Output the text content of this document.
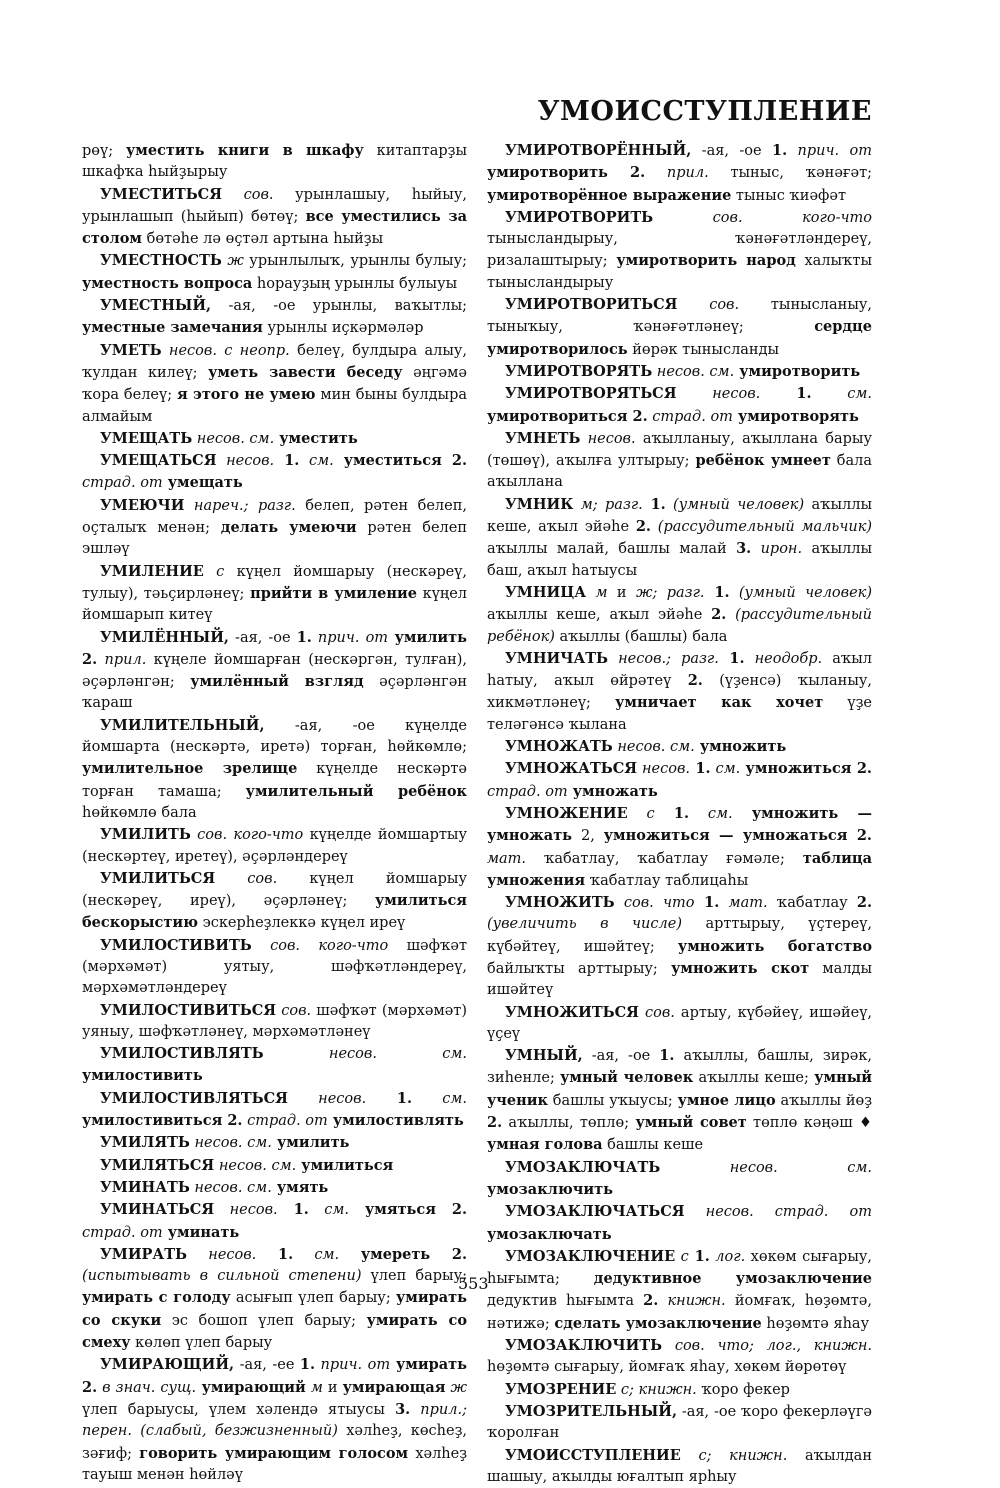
УМОИССТУПЛЕНИЕ

рөү; уместить книги в шкафу китаптарҙы шкафҡа һыйҙырыу

УМЕСТИТЬСЯ сов. урынлашыу, һыйыу, урынлашып (һыйып) бөтөү; все уместились за столом бөтәһе лә өҫтәл артына һыйҙы

УМЕСТНОСТЬ ж урынлылыҡ, урынлы булыу; уместность вопроса һорауҙың урынлы булыуы

УМЕСТНЫЙ, -ая, -ое урынлы, ваҡытлы; уместные замечания урынлы иҫкәрмәләр

УМЕТЬ несов. с неопр. белеү, булдыра алыу, ҡулдан килеү; уметь завести беседу әңгәмә ҡора белеү; я этого не умею мин быны булдыра алмайым

УМЕЩАТЬ несов. см. уместить

УМЕЩАТЬСЯ несов. 1. см. уместиться 2. страд. от умещать

УМЕЮЧИ нареч.; разг. белеп, рәтен белеп, оҫталыҡ менән; делать умеючи рәтен белеп эшләү

УМИЛЕНИЕ с күңел йомшарыу (нескәреү, тулыу), тәьҫирләнеү; прийти в умиление күңел йомшарып китеү

УМИЛЁННЫЙ, -ая, -ое 1. прич. от умилить 2. прил. күңеле йомшарған (нескәргән, тулған), әҫәрләнгән; умилённый взгляд әҫәрләнгән ҡараш

УМИЛИТЕЛЬНЫЙ, -ая, -ое күңелде йомшарта (нескәртә, иретә) торған, һөйкөмлө; умилительное зрелище күңелде нескәртә торған тамаша; умилительный ребёнок һөйкөмлө бала

УМИЛИТЬ сов. кого-что күңелде йомшартыу (нескәртеү, иретеү), әҫәрләндереү

УМИЛИТЬСЯ сов. күңел йомшарыу (нескәреү, иреү), әҫәрләнеү; умилиться бескорыстию эскерһеҙлеккә күңел иреү

УМИЛОСТИВИТЬ сов. кого-что шәфҡәт (мәрхәмәт) уятыу, шәфҡәтләндереү, мәрхәмәтләндереү

УМИЛОСТИВИТЬСЯ сов. шәфҡәт (мәрхәмәт) уяныу, шәфҡәтләнеү, мәрхәмәтләнеү

УМИЛОСТИВЛЯТЬ несов. см. умилостивить

УМИЛОСТИВЛЯТЬСЯ несов. 1. см. умилостивиться 2. страд. от умилостивлять

УМИЛЯТЬ несов. см. умилить

УМИЛЯТЬСЯ несов. см. умилиться

УМИНАТЬ несов. см. умять

УМИНАТЬСЯ несов. 1. см. умяться 2. страд. от уминать

УМИРАТЬ несов. 1. см. умереть 2. (испытывать в сильной степени) үлеп барыу; умирать с голоду асығып үлеп барыу; умирать со скуки эс бошоп үлеп барыу; умирать со смеху көлөп үлеп барыу

УМИРАЮЩИЙ, -ая, -ее 1. прич. от умирать 2. в знач. сущ. умирающий м и умирающая ж үлеп барыусы, үлем хәлендә ятыусы 3. прил.; перен. (слабый, безжизненный) хәлһеҙ, көсһеҙ, зәғиф; говорить умирающим голосом хәлһеҙ тауыш менән һөйләү

УМИРОТВОРЁННЫЙ, -ая, -ое 1. прич. от умиротворить 2. прил. тыныс, ҡәнәғәт; умиротворённое выражение тыныс ҡиәфәт

УМИРОТВОРИТЬ сов. кого-что тынысландырыу, ҡәнәғәтләндереү, ризалаштырыу; умиротворить народ халыҡты тынысландырыу

УМИРОТВОРИТЬСЯ сов. тынысланыу, тыныҡыу, ҡәнәғәтләнеү; сердце умиротворилось йөрәк тынысланды

УМИРОТВОРЯТЬ несов. см. умиротворить

УМИРОТВОРЯТЬСЯ несов. 1. см. умиротвориться 2. страд. от умиротворять

УМНЕТЬ несов. аҡылланыу, аҡыллана барыу (төшөү), аҡылға ултырыу; ребёнок умнеет бала аҡыллана

УМНИК м; разг. 1. (умный человек) аҡыллы кеше, аҡыл эйәһе 2. (рассудительный мальчик) аҡыллы малай, башлы малай 3. ирон. аҡыллы баш, аҡыл һатыусы

УМНИЦА м и ж; разг. 1. (умный человек) аҡыллы кеше, аҡыл эйәһе 2. (рассудительный ребёнок) аҡыллы (башлы) бала

УМНИЧАТЬ несов.; разг. 1. неодобр. аҡыл һатыу, аҡыл өйрәтеү 2. (үҙенсә) ҡыланыу, хикмәтләнеү; умничает как хочет үҙе теләгәнсә ҡылана

УМНОЖАТЬ несов. см. умножить

УМНОЖАТЬСЯ несов. 1. см. умножиться 2. страд. от умножать

УМНОЖЕНИЕ с 1. см. умножить — умножать 2, умножиться — умножаться 2. мат. ҡабатлау, ҡабатлау ғәмәле; таблица умножения ҡабатлау таблицаһы

УМНОЖИТЬ сов. что 1. мат. ҡабатлау 2. (увеличить в числе) арттырыу, үҫтереү, күбәйтеү, ишәйтеү; умножить богатство байлыҡты арттырыу; умножить скот малды ишәйтеү

УМНОЖИТЬСЯ сов. артыу, күбәйеү, ишәйеү, үҫеү

УМНЫЙ, -ая, -ое 1. аҡыллы, башлы, зирәк, зиһенле; умный человек аҡыллы кеше; умный ученик башлы уҡыусы; умное лицо аҡыллы йөҙ 2. аҡыллы, төплө; умный совет төплө кәңәш ♦ умная голова башлы кеше

УМОЗАКЛЮЧАТЬ несов. см. умозаключить

УМОЗАКЛЮЧАТЬСЯ несов. страд. от умозаключать

УМОЗАКЛЮЧЕНИЕ с 1. лог. хөкөм сығарыу, һығымта; дедуктивное умозаключение дедуктив һығымта 2. книжн. йомғаҡ, һөҙөмтә, нәтижә; сделать умозаключение һөҙөмтә яһау

УМОЗАКЛЮЧИТЬ сов. что; лог., книжн. һөҙөмтә сығарыу, йомғаҡ яһау, хөкөм йөрөтөү

УМОЗРЕНИЕ с; книжн. ҡоро фекер

УМОЗРИТЕЛЬНЫЙ, -ая, -ое ҡоро фекерләүгә ҡоролған

УМОИССТУПЛЕНИЕ с; книжн. аҡылдан шашыу, аҡылды юғалтып ярһыу

553
